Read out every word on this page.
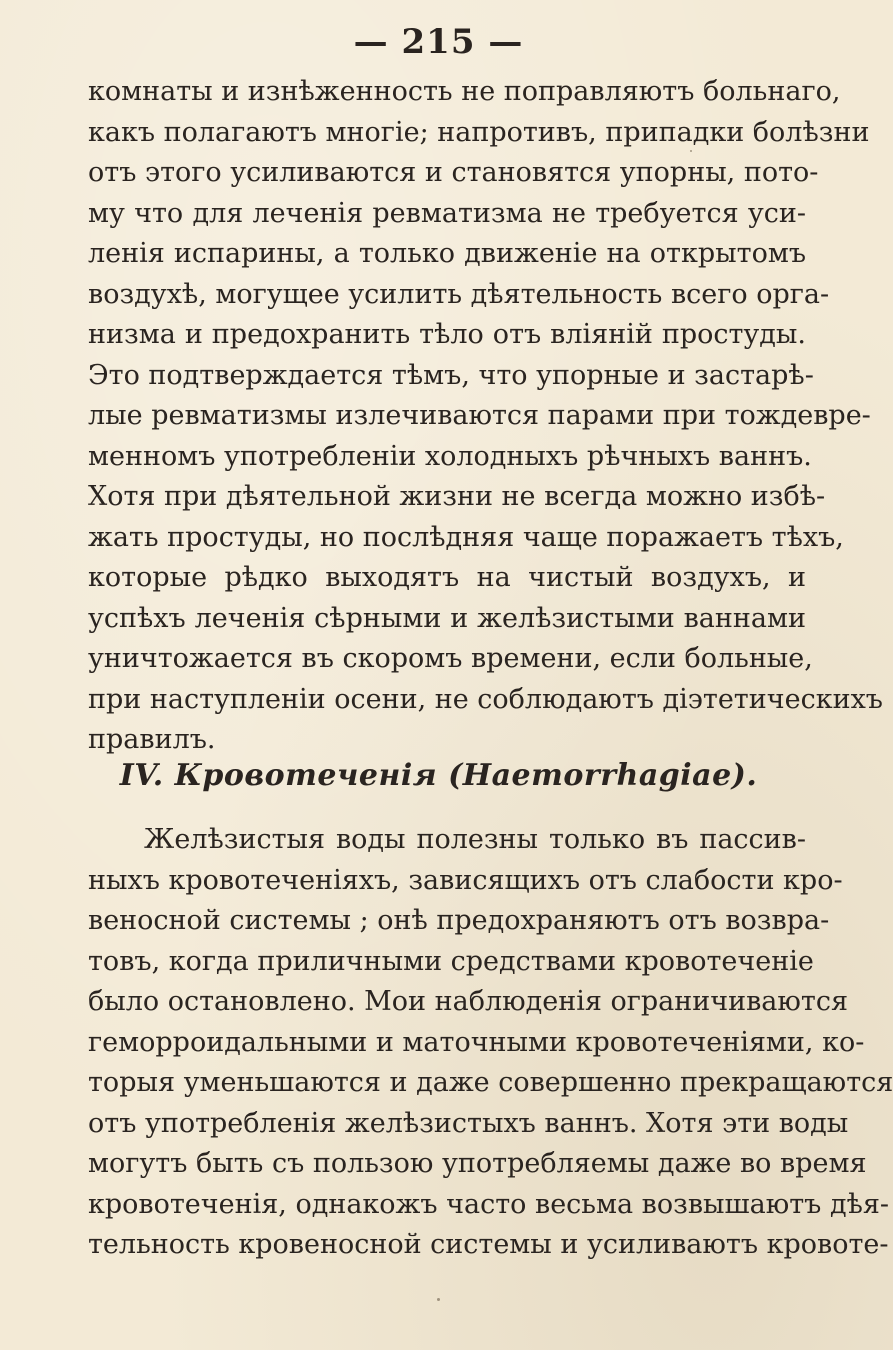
— 215 —
комнаты и изнѣженность не поправляютъ больнаго,
какъ полагаютъ многіе; напротивъ, припадки болѣзни
отъ этого усиливаются и становятся упорны, пото-
му что для леченія ревматизма не требуется уси-
ленія испарины, а только движеніе на открытомъ
воздухѣ, могущее усилить дѣятельность всего орга-
низма и предохранить тѣло отъ вліяній простуды.
Это подтверждается тѣмъ, что упорные и застарѣ-
лые ревматизмы излечиваются парами при тождевре-
менномъ употребленіи холодныхъ рѣчныхъ ваннъ.
Хотя при дѣятельной жизни не всегда можно избѣ-
жать простуды, но послѣдняя чаще поражаетъ тѣхъ,
которые рѣдко выходятъ на чистый воздухъ, и
успѣхъ леченія сѣрными и желѣзистыми ваннами
уничтожается въ скоромъ времени, если больные,
при наступленіи осени, не соблюдаютъ діэтетическихъ
правилъ.
IV. Кровотеченія (Haemorrhagiae).
Желѣзистыя воды полезны только въ пассив-
ныхъ кровотеченіяхъ, зависящихъ отъ слабости кро-
веносной системы ; онѣ предохраняютъ отъ возвра-
товъ, когда приличными средствами кровотеченіе
было остановлено. Мои наблюденія ограничиваются
геморроидальными и маточными кровотеченіями, ко-
торыя уменьшаются и даже совершенно прекращаются
отъ употребленія желѣзистыхъ ваннъ. Хотя эти воды
могутъ быть съ пользою употребляемы даже во время
кровотеченія, однакожъ часто весьма возвышаютъ дѣя-
тельность кровеносной системы и усиливаютъ кровоте-
